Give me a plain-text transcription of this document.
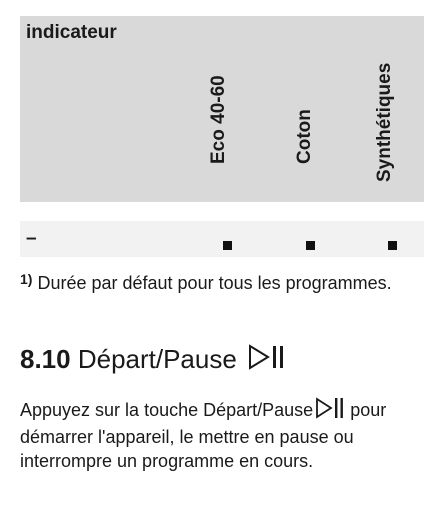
indicateur
Eco 40-60	Coton	Synthétiques
–
$^{1)}$ Durée par défaut pour tous les programmes.
8.10 Départ/Pause
Appuyez sur la touche Départ/Pause pour démarrer l'appareil, le mettre en pause ou interrompre un programme en cours.
